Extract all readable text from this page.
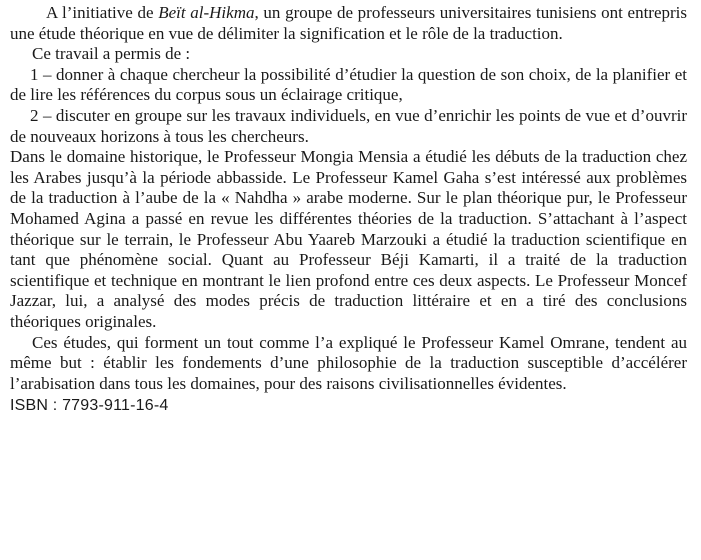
A l’initiative de Beït al-Hikma, un groupe de professeurs universitaires tunisiens ont entrepris une étude théorique en vue de délimiter la signification et le rôle de la traduction.

Ce travail a permis de :

1 – donner à chaque chercheur la possibilité d’étudier la question de son choix, de la planifier et de lire les références du corpus sous un éclairage critique,

2 – discuter en groupe sur les travaux individuels, en vue d’enrichir les points de vue et d’ouvrir de nouveaux horizons à tous les chercheurs.

Dans le domaine historique, le Professeur Mongia Mensia a étudié les débuts de la traduction chez les Arabes jusqu’à la période abbasside. Le Professeur Kamel Gaha s’est intéressé aux problèmes de la traduction à l’aube de la « Nahdha » arabe moderne. Sur le plan théorique pur, le Professeur Mohamed Agina a passé en revue les différentes théories de la traduction. S’attachant à l’aspect théorique sur le terrain, le Professeur Abu Yaareb Marzouki a étudié la traduction scientifique en tant que phénomène social. Quant au Professeur Béji Kamarti, il a traité de la traduction scientifique et technique en montrant le lien profond entre ces deux aspects. Le Professeur Moncef Jazzar, lui, a analysé des modes précis de traduction littéraire et en a tiré des conclusions théoriques originales.

Ces études, qui forment un tout comme l’a expliqué le Professeur Kamel Omrane, tendent au même but : établir les fondements d’une philosophie de la traduction susceptible d’accélérer l’arabisation dans tous les domaines, pour des raisons civilisationnelles évidentes.

ISBN : 7793-911-16-4
